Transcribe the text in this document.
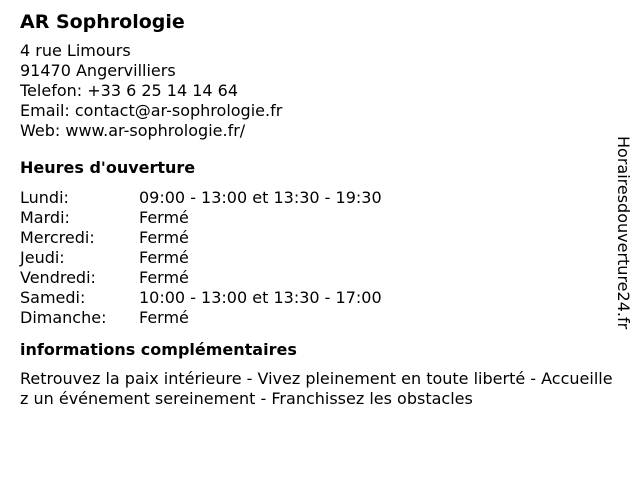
AR Sophrologie
4 rue Limours
91470 Angervilliers
Telefon: +33 6 25 14 14 64
Email: contact@ar-sophrologie.fr
Web: www.ar-sophrologie.fr/
Heures d'ouverture
Lundi:	09:00 - 13:00 et 13:30 - 19:30
Mardi:	Fermé
Mercredi:	Fermé
Jeudi:	Fermé
Vendredi:	Fermé
Samedi:	10:00 - 13:00 et 13:30 - 17:00
Dimanche:	Fermé
informations complémentaires
Retrouvez la paix intérieure - Vivez pleinement en toute liberté - Accueillez un événement sereinement - Franchissez les obstacles
Horairesdouverture24.fr
